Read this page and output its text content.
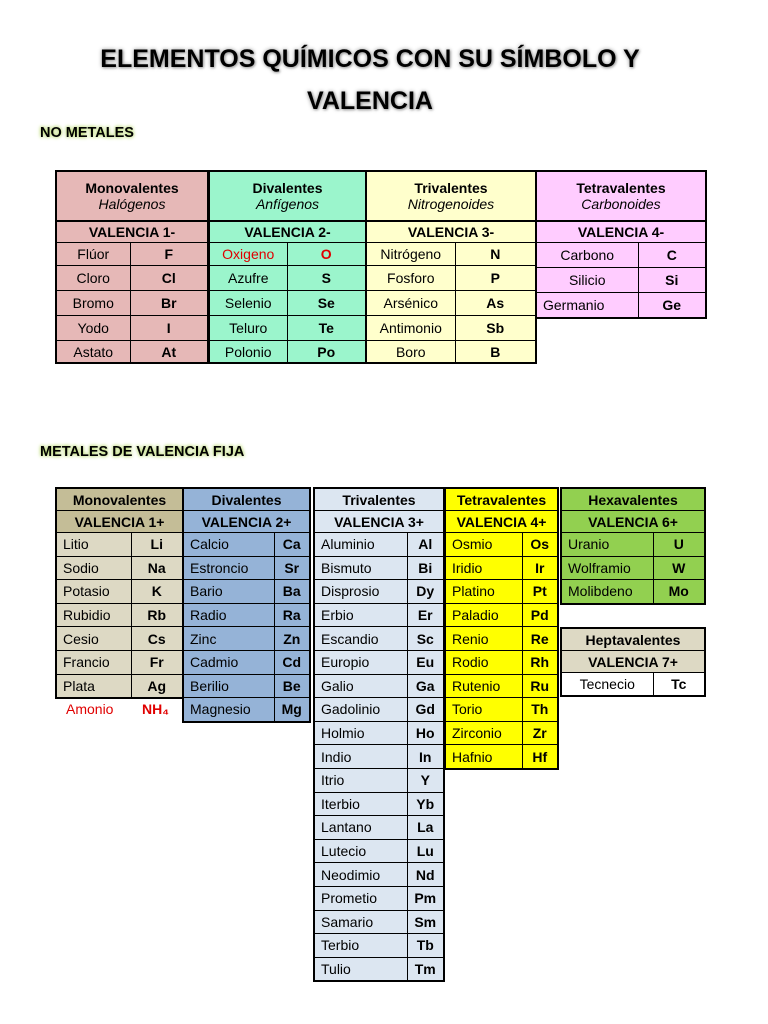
ELEMENTOS QUÍMICOS CON SU SÍMBOLO Y
VALENCIA
NO METALES
METALES DE VALENCIA FIJA
Monovalentes
Halógenos	

VALENCIA 1-	
Flúor	F
Cloro	Cl
Bromo	Br
Yodo	I
Astato	At
Divalentes
Anfígenos	

VALENCIA 2-	
Oxigeno	O
Azufre	S
Selenio	Se
Teluro	Te
Polonio	Po
Trivalentes
Nitrogenoides	

VALENCIA 3-	
Nitrógeno	N
Fosforo	P
Arsénico	As
Antimonio	Sb
Boro	B
Tetravalentes
Carbonoides	

VALENCIA 4-	
Carbono	C
Silicio	Si
Germanio	Ge
Monovalentes	
VALENCIA 1+	
Litio	Li
Sodio	Na
Potasio	K
Rubidio	Rb
Cesio	Cs
Francio	Fr
Plata	Ag
Amonio NH₄
Divalentes	
VALENCIA 2+	
Calcio	Ca
Estroncio	Sr
Bario	Ba
Radio	Ra
Zinc	Zn
Cadmio	Cd
Berilio	Be
Magnesio	Mg
Trivalentes	
VALENCIA 3+	
Aluminio	Al
Bismuto	Bi
Disprosio	Dy
Erbio	Er
Escandio	Sc
Europio	Eu
Galio	Ga
Gadolinio	Gd
Holmio	Ho
Indio	In
Itrio	Y
Iterbio	Yb
Lantano	La
Lutecio	Lu
Neodimio	Nd
Prometio	Pm
Samario	Sm
Terbio	Tb
Tulio	Tm
Tetravalentes	
VALENCIA 4+	
Osmio	Os
Iridio	Ir
Platino	Pt
Paladio	Pd
Renio	Re
Rodio	Rh
Rutenio	Ru
Torio	Th
Zirconio	Zr
Hafnio	Hf
Hexavalentes	
VALENCIA 6+	
Uranio	U
Wolframio	W
Molibdeno	Mo
Heptavalentes
VALENCIA 7+
Tecnecio	Tc
